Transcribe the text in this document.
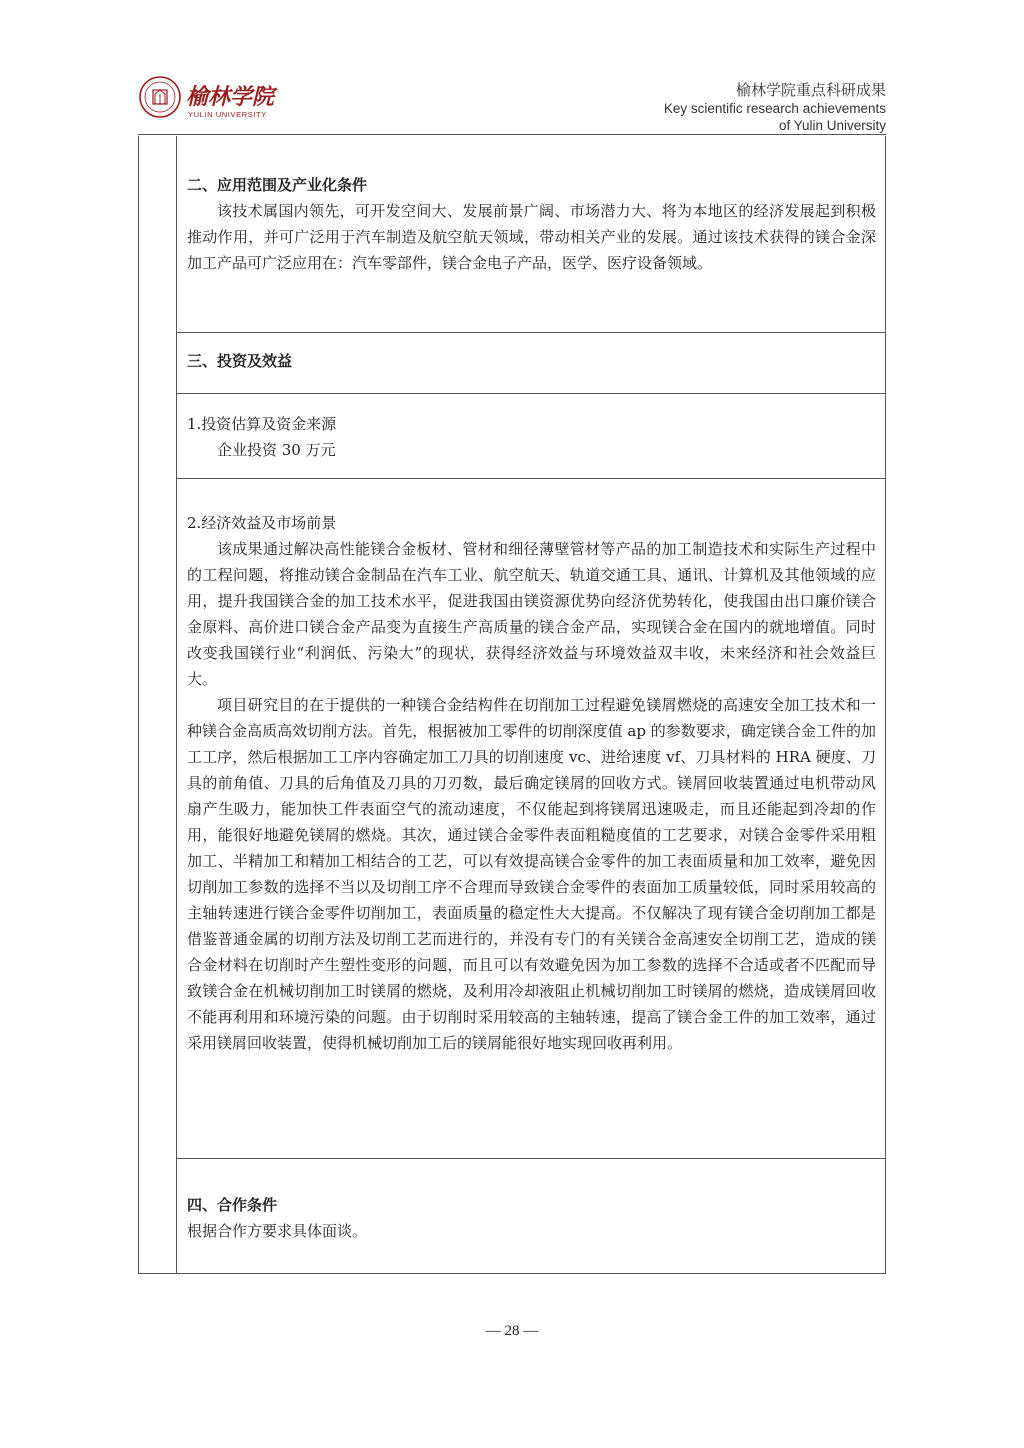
榆林学院
YULIN UNIVERSITY
榆林学院重点科研成果
Key scientific research achievements
of Yulin University
二、应用范围及产业化条件

该技术属国内领先，可开发空间大、发展前景广阔、市场潜力大、将为本地区的经济发展起到积极推动作用，并可广泛用于汽车制造及航空航天领域，带动相关产业的发展。通过该技术获得的镁合金深加工产品可广泛应用在：汽车零部件，镁合金电子产品，医学、医疗设备领域。

三、投资及效益

1.投资估算及资金来源

企业投资 30 万元

2.经济效益及市场前景

该成果通过解决高性能镁合金板材、管材和细径薄壁管材等产品的加工制造技术和实际生产过程中的工程问题，将推动镁合金制品在汽车工业、航空航天、轨道交通工具、通讯、计算机及其他领域的应用，提升我国镁合金的加工技术水平，促进我国由镁资源优势向经济优势转化，使我国由出口廉价镁合金原料、高价进口镁合金产品变为直接生产高质量的镁合金产品，实现镁合金在国内的就地增值。同时改变我国镁行业“利润低、污染大”的现状，获得经济效益与环境效益双丰收，未来经济和社会效益巨大。

项目研究目的在于提供的一种镁合金结构件在切削加工过程避免镁屑燃烧的高速安全加工技术和一种镁合金高质高效切削方法。首先，根据被加工零件的切削深度值 ap 的参数要求，确定镁合金工件的加工工序，然后根据加工工序内容确定加工刀具的切削速度 vc、进给速度 vf、刀具材料的 HRA 硬度、刀具的前角值、刀具的后角值及刀具的刀刃数，最后确定镁屑的回收方式。镁屑回收装置通过电机带动风扇产生吸力，能加快工件表面空气的流动速度，不仅能起到将镁屑迅速吸走，而且还能起到冷却的作用，能很好地避免镁屑的燃烧。其次，通过镁合金零件表面粗糙度值的工艺要求，对镁合金零件采用粗加工、半精加工和精加工相结合的工艺，可以有效提高镁合金零件的加工表面质量和加工效率，避免因切削加工参数的选择不当以及切削工序不合理而导致镁合金零件的表面加工质量较低，同时采用较高的主轴转速进行镁合金零件切削加工，表面质量的稳定性大大提高。不仅解决了现有镁合金切削加工都是借鉴普通金属的切削方法及切削工艺而进行的，并没有专门的有关镁合金高速安全切削工艺，造成的镁合金材料在切削时产生塑性变形的问题，而且可以有效避免因为加工参数的选择不合适或者不匹配而导致镁合金在机械切削加工时镁屑的燃烧，及利用冷却液阻止机械切削加工时镁屑的燃烧，造成镁屑回收不能再利用和环境污染的问题。由于切削时采用较高的主轴转速，提高了镁合金工件的加工效率，通过采用镁屑回收装置，使得机械切削加工后的镁屑能很好地实现回收再利用。

四、合作条件

根据合作方要求具体面谈。

— 28 —
